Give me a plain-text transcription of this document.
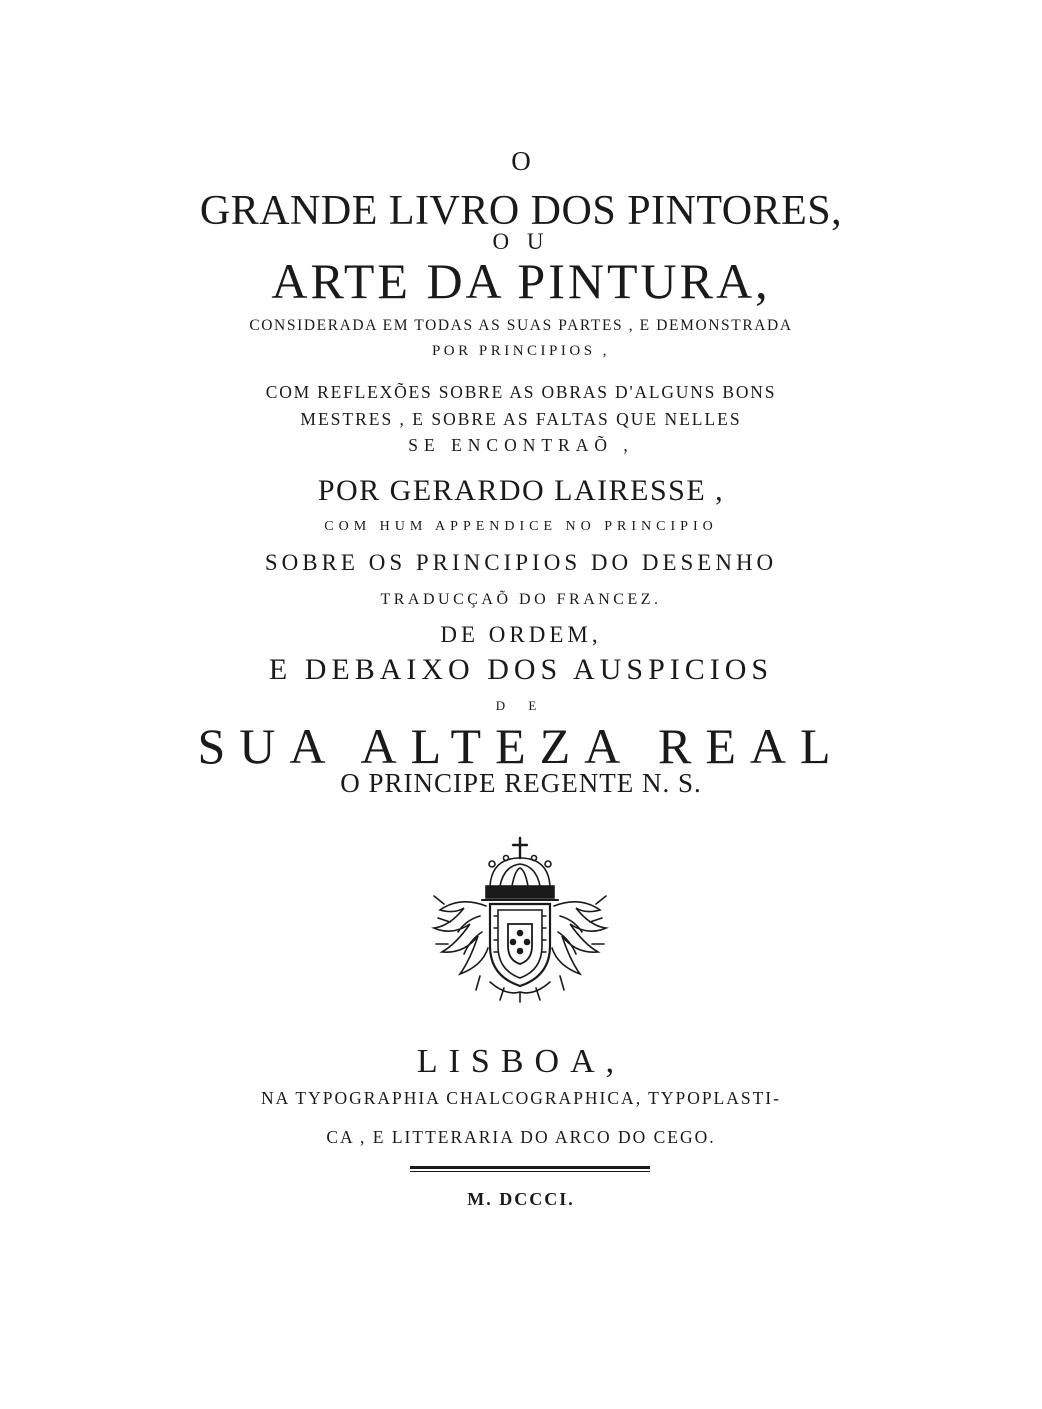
O
GRANDE LIVRO DOS PINTORES,
O U
ARTE DA PINTURA,
CONSIDERADA EM TODAS AS SUAS PARTES , E DEMONSTRADA
POR PRINCIPIOS ,
COM REFLEXÕES SOBRE AS OBRAS D'ALGUNS BONS
MESTRES , E SOBRE AS FALTAS QUE NELLES
SE ENCONTRAÕ ,
POR GERARDO LAIRESSE ,
COM HUM APPENDICE NO PRINCIPIO
SOBRE OS PRINCIPIOS DO DESENHO
TRADUCÇAÕ DO FRANCEZ.
DE ORDEM,
E DEBAIXO DOS AUSPICIOS
D E
SUA ALTEZA REAL
O PRINCIPE REGENTE N. S.
LISBOA,
NA TYPOGRAPHIA CHALCOGRAPHICA, TYPOPLASTI-
CA , E LITTERARIA DO ARCO DO CEGO.
M. DCCCI.
